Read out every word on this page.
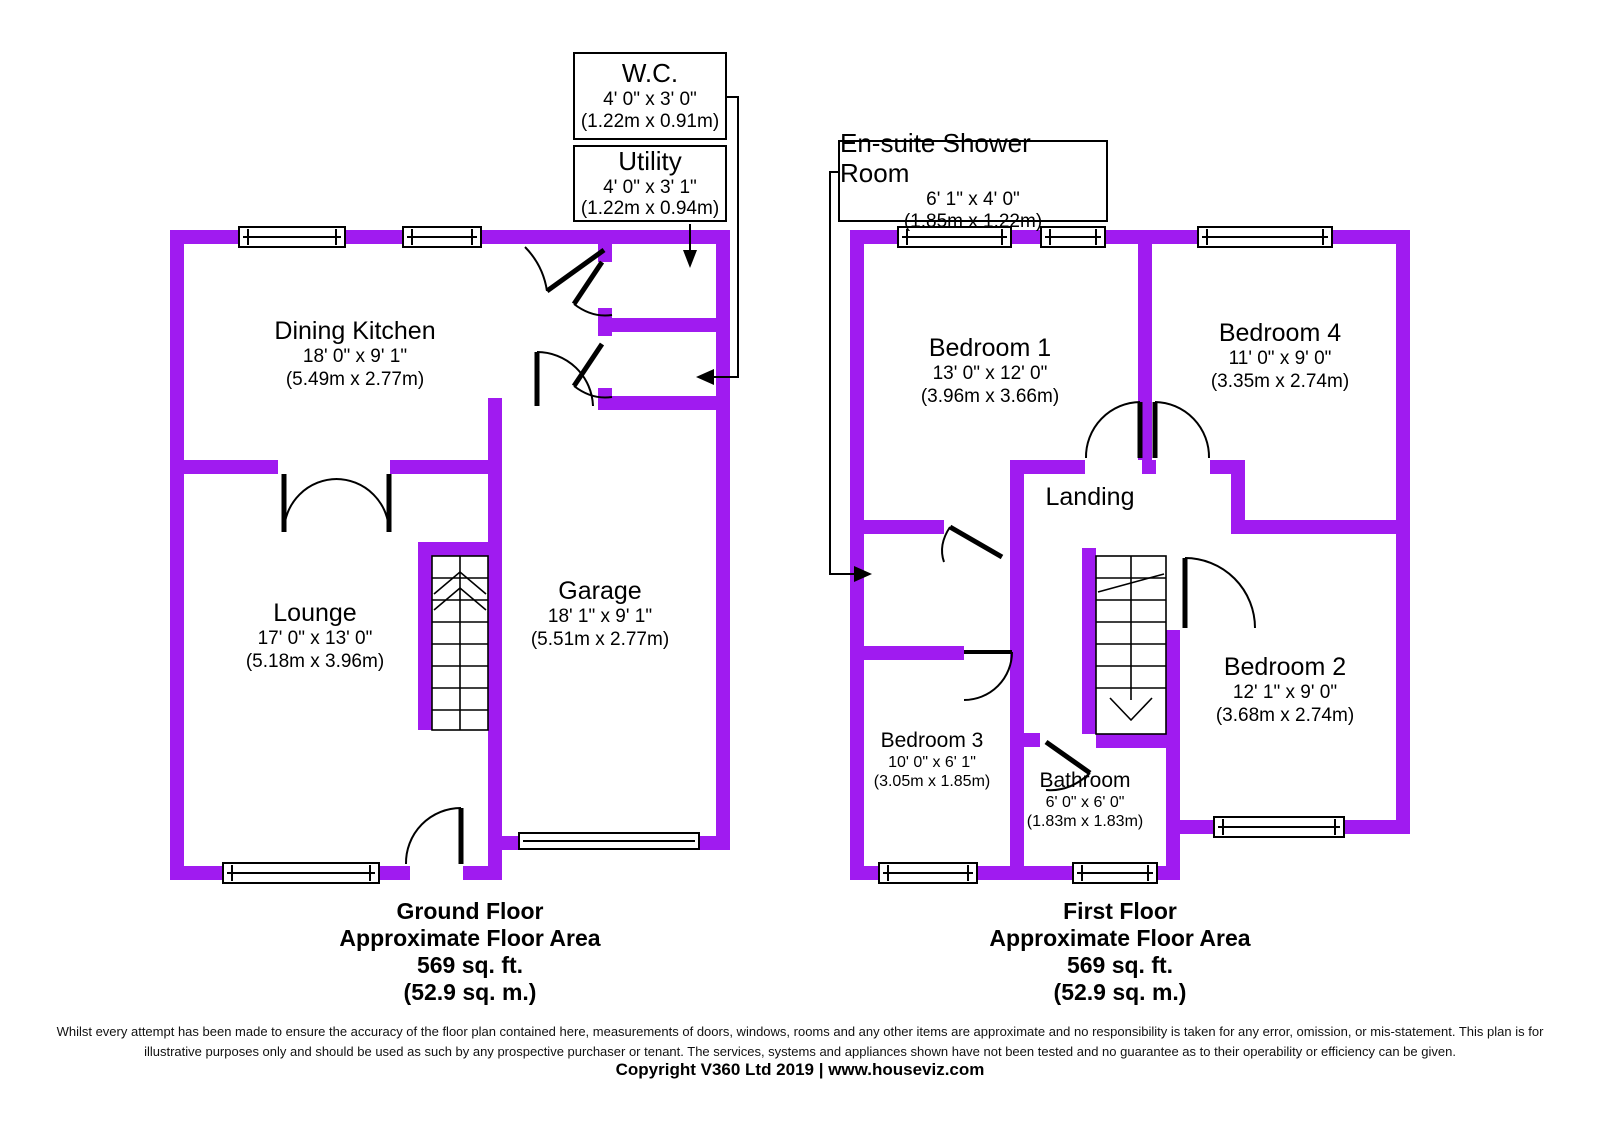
W.C.
4' 0" x 3' 0"
(1.22m x 0.91m)
Utility
4' 0" x 3' 1"
(1.22m x 0.94m)
En-suite Shower Room
6' 1" x 4' 0"
(1.85m x 1.22m)
Dining Kitchen
18' 0" x 9' 1"
(5.49m x 2.77m)
Lounge
17' 0" x 13' 0"
(5.18m x 3.96m)
Garage
18' 1" x 9' 1"
(5.51m x 2.77m)
Bedroom 1
13' 0" x 12' 0"
(3.96m x 3.66m)
Bedroom 4
11' 0" x 9' 0"
(3.35m x 2.74m)
Bedroom 2
12' 1" x 9' 0"
(3.68m x 2.74m)
Bedroom 3
10' 0" x 6' 1"
(3.05m x 1.85m)	Bathroom
6' 0" x 6' 0"
(1.83m x 1.83m)
Landing
Ground Floor
Approximate Floor Area
569 sq. ft.
(52.9 sq. m.)
First Floor
Approximate Floor Area
569 sq. ft.
(52.9 sq. m.)
Whilst every attempt has been made to ensure the accuracy of the floor plan contained here, measurements of doors, windows, rooms and any other items are approximate and no responsibility is taken for any error, omission, or mis-statement. This plan is for
illustrative purposes only and should be used as such by any prospective purchaser or tenant. The services, systems and appliances shown have not been tested and no guarantee as to their operability or efficiency can be given.
Copyright V360 Ltd 2019 | www.houseviz.com
